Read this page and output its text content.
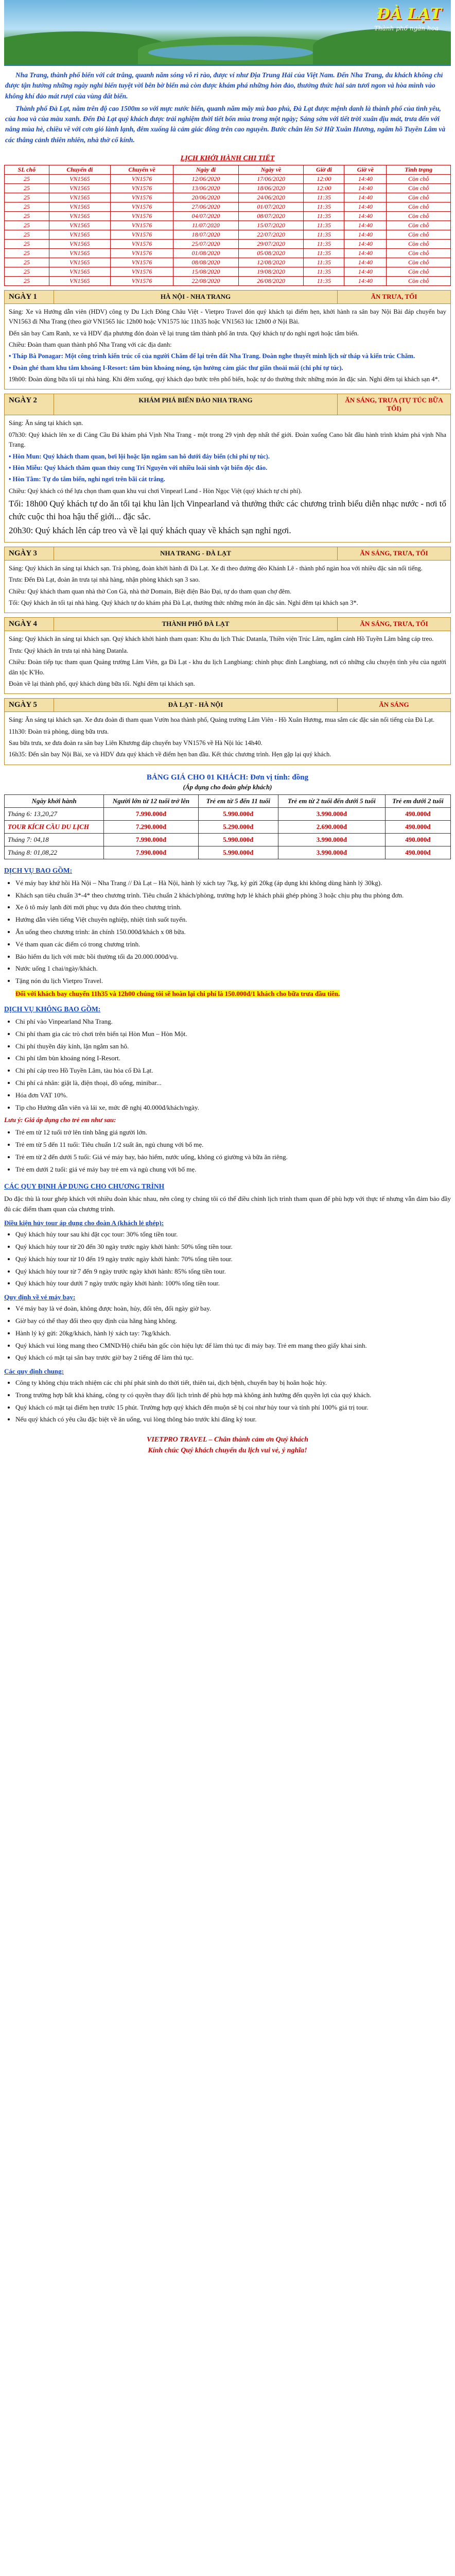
ĐÀ LẠT
Thành phố ngàn hoa

Nha Trang, thành phố biển với cát trắng, quanh năm sóng vỗ rì rào, được ví như Địa Trung Hải của Việt Nam. Đến Nha Trang, du khách không chỉ được tận hưởng những ngày nghỉ biển tuyệt vời bên bờ biển mà còn được khám phá những hòn đảo, thưởng thức hải sản tươi ngon và hòa mình vào không khí đảo mát rượi của vùng đất biển.

Thành phố Đà Lạt, nằm trên độ cao 1500m so với mực nước biển, quanh năm mây mù bao phủ, Đà Lạt được mệnh danh là thành phố của tình yêu, của hoa và của màu xanh. Đến Đà Lạt quý khách được trải nghiệm thời tiết bốn mùa trong một ngày; Sáng sớm với tiết trời xuân dịu mát, trưa đến với nắng mùa hè, chiều về với cơn gió lành lạnh, đêm xuống là cảm giác đông trên cao nguyên. Bước chân lên Sở Hữ Xuân Hương, ngắm hồ Tuyền Lâm và các thắng cảnh thiên nhiên, nhà thờ cổ kính.

LỊCH KHỞI HÀNH CHI TIẾT
SL chỗ	Chuyến đi	Chuyến về	Ngày đi	Ngày về	Giờ đi	Giờ về	Tình trạng
25	VN1565	VN1576	12/06/2020	17/06/2020	12:00	14:40	Còn chỗ
25	VN1565	VN1576	13/06/2020	18/06/2020	12:00	14:40	Còn chỗ
25	VN1565	VN1576	20/06/2020	24/06/2020	11:35	14:40	Còn chỗ
25	VN1565	VN1576	27/06/2020	01/07/2020	11:35	14:40	Còn chỗ
25	VN1565	VN1576	04/07/2020	08/07/2020	11:35	14:40	Còn chỗ
25	VN1565	VN1576	11/07/2020	15/07/2020	11:35	14:40	Còn chỗ
25	VN1565	VN1576	18/07/2020	22/07/2020	11:35	14:40	Còn chỗ
25	VN1565	VN1576	25/07/2020	29/07/2020	11:35	14:40	Còn chỗ
25	VN1565	VN1576	01/08/2020	05/08/2020	11:35	14:40	Còn chỗ
25	VN1565	VN1576	08/08/2020	12/08/2020	11:35	14:40	Còn chỗ
25	VN1565	VN1576	15/08/2020	19/08/2020	11:35	14:40	Còn chỗ
25	VN1565	VN1576	22/08/2020	26/08/2020	11:35	14:40	Còn chỗ
NGÀY 1	HÀ NỘI - NHA TRANG	ĂN TRƯA, TỐI

Sáng: Xe và Hướng dẫn viên (HDV) công ty Du Lịch Đông Châu Việt - Vietpro Travel đón quý khách tại điểm hẹn, khởi hành ra sân bay Nội Bài đáp chuyến bay VN1563 đi Nha Trang (theo giờ VN1565 lúc 12h00 hoặc VN1575 lúc 11h35 hoặc VN1563 lúc 12h00 ở Nội Bài.

Đến sân bay Cam Ranh, xe và HDV địa phương đón đoàn về lại trung tâm thành phố ăn trưa. Quý khách tự do nghỉ ngơi hoặc tắm biển.

Chiều: Đoàn tham quan thành phố Nha Trang với các địa danh:

• Tháp Bà Ponagar: Một công trình kiến trúc cổ của người Chăm để lại trên đất Nha Trang. Đoàn nghe thuyết minh lịch sử tháp và kiến trúc Chăm.

• Đoàn ghé tham khu tắm khoáng I-Resort: tắm bùn khoáng nóng, tận hưởng cảm giác thư giãn thoải mái (chi phí tự túc).

19h00: Đoàn dùng bữa tối tại nhà hàng. Khi đêm xuống, quý khách dạo bước trên phố biển, hoặc tự do thưởng thức những món ăn đặc sản. Nghỉ đêm tại khách sạn 4*.

NGÀY 2	KHÁM PHÁ BIỂN ĐẢO NHA TRANG	ĂN SÁNG, TRƯA (TỰ TÚC BỮA TỐI)

Sáng: Ăn sáng tại khách sạn.

07h30: Quý khách lên xe đi Cảng Cầu Đá khám phá Vịnh Nha Trang - một trong 29 vịnh đẹp nhất thế giới. Đoàn xuống Cano bắt đầu hành trình khám phá vịnh Nha Trang.

• Hòn Mun: Quý khách tham quan, bơi lội hoặc lặn ngắm san hô dưới đáy biển (chi phí tự túc).

• Hòn Miễu: Quý khách thăm quan thủy cung Trí Nguyên với nhiều loài sinh vật biển độc đáo.

• Hòn Tằm: Tự do tắm biển, nghỉ ngơi trên bãi cát trắng.

Chiều: Quý khách có thể lựa chọn tham quan khu vui chơi Vinpearl Land - Hòn Ngọc Việt (quý khách tự chi phí).

Tối: 18h00 Quý khách tự do ăn tối tại khu làn lịch Vinpearland và thưởng thức các chương trình biểu diễn nhạc nước - nơi tổ chức cuộc thi hoa hậu thế giới... đặc sắc.

20h30: Quý khách lên cáp treo và về lại quý khách quay về khách sạn nghỉ ngơi.

NGÀY 3	NHA TRANG - ĐÀ LẠT	ĂN SÁNG, TRƯA, TỐI

Sáng: Quý khách ăn sáng tại khách sạn. Trả phòng, đoàn khởi hành đi Đà Lạt. Xe đi theo đường đèo Khánh Lê - thành phố ngàn hoa với nhiều đặc sản nổi tiếng.

Trưa: Đến Đà Lạt, đoàn ăn trưa tại nhà hàng, nhận phòng khách sạn 3 sao.

Chiều: Quý khách tham quan nhà thờ Con Gà, nhà thờ Domain, Biệt điện Bảo Đại, tự do tham quan chợ đêm.

Tối: Quý khách ăn tối tại nhà hàng. Quý khách tự do khám phá Đà Lạt, thưởng thức những món ăn đặc sản. Nghỉ đêm tại khách sạn 3*.

NGÀY 4	THÀNH PHỐ ĐÀ LẠT	ĂN SÁNG, TRƯA, TỐI

Sáng: Quý khách ăn sáng tại khách sạn. Quý khách khởi hành tham quan: Khu du lịch Thác Datanla, Thiền viện Trúc Lâm, ngắm cảnh Hồ Tuyền Lâm bằng cáp treo.

Trưa: Quý khách ăn trưa tại nhà hàng Datanla.

Chiều: Đoàn tiếp tục tham quan Quảng trường Lâm Viên, ga Đà Lạt - khu du lịch Langbiang: chinh phục đỉnh Langbiang, nơi có những câu chuyện tình yêu của người dân tộc K'Ho.

Đoàn về lại thành phố, quý khách dùng bữa tối. Nghỉ đêm tại khách sạn.

NGÀY 5	ĐÀ LẠT - HÀ NỘI	ĂN SÁNG

Sáng: Ăn sáng tại khách sạn. Xe đưa đoàn đi tham quan Vườn hoa thành phố, Quảng trường Lâm Viên - Hồ Xuân Hương, mua sắm các đặc sản nổi tiếng của Đà Lạt.

11h30: Đoàn trả phòng, dùng bữa trưa.

Sau bữa trưa, xe đưa đoàn ra sân bay Liên Khương đáp chuyến bay VN1576 về Hà Nội lúc 14h40.

16h35: Đến sân bay Nội Bài, xe và HDV đưa quý khách về điểm hẹn ban đầu. Kết thúc chương trình. Hẹn gặp lại quý khách.

BẢNG GIÁ CHO 01 KHÁCH: Đơn vị tính: đồng
(Áp dụng cho đoàn ghép khách)
Ngày khởi hành	Người lớn từ 12 tuổi trở lên	Trẻ em từ 5 đến 11 tuổi	Trẻ em từ 2 tuổi đến dưới 5 tuổi	Trẻ em dưới 2 tuổi
Tháng 6: 13,20,27	7.990.000đ	5.990.000đ	3.990.000đ	490.000đ
TOUR KÍCH CẦU DU LỊCH	7.290.000đ	5.290.000đ	2.690.000đ	490.000đ
Tháng 7: 04,18	7.990.000đ	5.990.000đ	3.990.000đ	490.000đ
Tháng 8: 01,08,22	7.990.000đ	5.990.000đ	3.990.000đ	490.000đ
DỊCH VỤ BAO GỒM:
• Vé máy bay khứ hồi Hà Nội – Nha Trang // Đà Lạt – Hà Nội, hành lý xách tay 7kg, ký gửi 20kg (áp dụng khi không dùng hành lý 30kg).
• Khách sạn tiêu chuẩn 3*-4* theo chương trình. Tiêu chuẩn 2 khách/phòng, trường hợp lẻ khách phải ghép phòng 3 hoặc chịu phụ thu phòng đơn.
• Xe ô tô máy lạnh đời mới phục vụ đưa đón theo chương trình.
• Hướng dẫn viên tiếng Việt chuyên nghiệp, nhiệt tình suốt tuyến.
• Ăn uống theo chương trình: ăn chính 150.000đ/khách x 08 bữa.
• Vé tham quan các điểm có trong chương trình.
• Bảo hiểm du lịch với mức bồi thường tối đa 20.000.000đ/vụ.
• Nước uống 1 chai/ngày/khách.
• Tặng nón du lịch Vietpro Travel.
Đối với khách bay chuyến 11h35 và 12h00 chúng tôi sẽ hoàn lại chi phí là 150.000đ/1 khách cho bữa trưa đầu tiên.
DỊCH VỤ KHÔNG BAO GỒM:
• Chi phí vào Vinpearland Nha Trang.
• Chi phí tham gia các trò chơi trên biển tại Hòn Mun – Hòn Một.
• Chi phí thuyền đáy kính, lặn ngắm san hô.
• Chi phí tắm bùn khoáng nóng I-Resort.
• Chi phí cáp treo Hồ Tuyền Lâm, tàu hỏa cổ Đà Lạt.
• Chi phí cá nhân: giặt là, điện thoại, đồ uống, minibar...
• Hóa đơn VAT 10%.
• Tip cho Hướng dẫn viên và lái xe, mức đề nghị 40.000đ/khách/ngày.
Lưu ý: Giá áp dụng cho trẻ em như sau:
• Trẻ em từ 12 tuổi trở lên tính bằng giá người lớn.
• Trẻ em từ 5 đến 11 tuổi: Tiêu chuẩn 1/2 suất ăn, ngủ chung với bố mẹ.
• Trẻ em từ 2 đến dưới 5 tuổi: Giá vé máy bay, bảo hiểm, nước uống, không có giường và bữa ăn riêng.
• Trẻ em dưới 2 tuổi: giá vé máy bay trẻ em và ngủ chung với bố mẹ.
CÁC QUY ĐỊNH ÁP DỤNG CHO CHƯƠNG TRÌNH

Do đặc thù là tour ghép khách với nhiều đoàn khác nhau, nên công ty chúng tôi có thể điều chỉnh lịch trình tham quan để phù hợp với thực tế nhưng vẫn đảm bảo đầy đủ các điểm tham quan của chương trình.

Điều kiện hủy tour áp dụng cho đoàn A (khách lẻ ghép):
• Quý khách hủy tour sau khi đặt cọc tour: 30% tổng tiền tour.
• Quý khách hủy tour từ 20 đến 30 ngày trước ngày khởi hành: 50% tổng tiền tour.
• Quý khách hủy tour từ 10 đến 19 ngày trước ngày khởi hành: 70% tổng tiền tour.
• Quý khách hủy tour từ 7 đến 9 ngày trước ngày khởi hành: 85% tổng tiền tour.
• Quý khách hủy tour dưới 7 ngày trước ngày khởi hành: 100% tổng tiền tour.
Quy định về vé máy bay:
• Vé máy bay là vé đoàn, không được hoàn, hủy, đổi tên, đổi ngày giờ bay.
• Giờ bay có thể thay đổi theo quy định của hãng hàng không.
• Hành lý ký gửi: 20kg/khách, hành lý xách tay: 7kg/khách.
• Quý khách vui lòng mang theo CMND/Hộ chiếu bản gốc còn hiệu lực để làm thủ tục đi máy bay. Trẻ em mang theo giấy khai sinh.
• Quý khách có mặt tại sân bay trước giờ bay 2 tiếng để làm thủ tục.
Các quy định chung:
• Công ty không chịu trách nhiệm các chi phí phát sinh do thời tiết, thiên tai, dịch bệnh, chuyến bay bị hoãn hoặc hủy.
• Trong trường hợp bất khả kháng, công ty có quyền thay đổi lịch trình để phù hợp mà không ảnh hưởng đến quyền lợi của quý khách.
• Quý khách có mặt tại điểm hẹn trước 15 phút. Trường hợp quý khách đến muộn sẽ bị coi như hủy tour và tính phí 100% giá trị tour.
• Nếu quý khách có yêu cầu đặc biệt về ăn uống, vui lòng thông báo trước khi đăng ký tour.
VIETPRO TRAVEL – Chân thành cảm ơn Quý khách
Kính chúc Quý khách chuyến du lịch vui vẻ, ý nghĩa!
